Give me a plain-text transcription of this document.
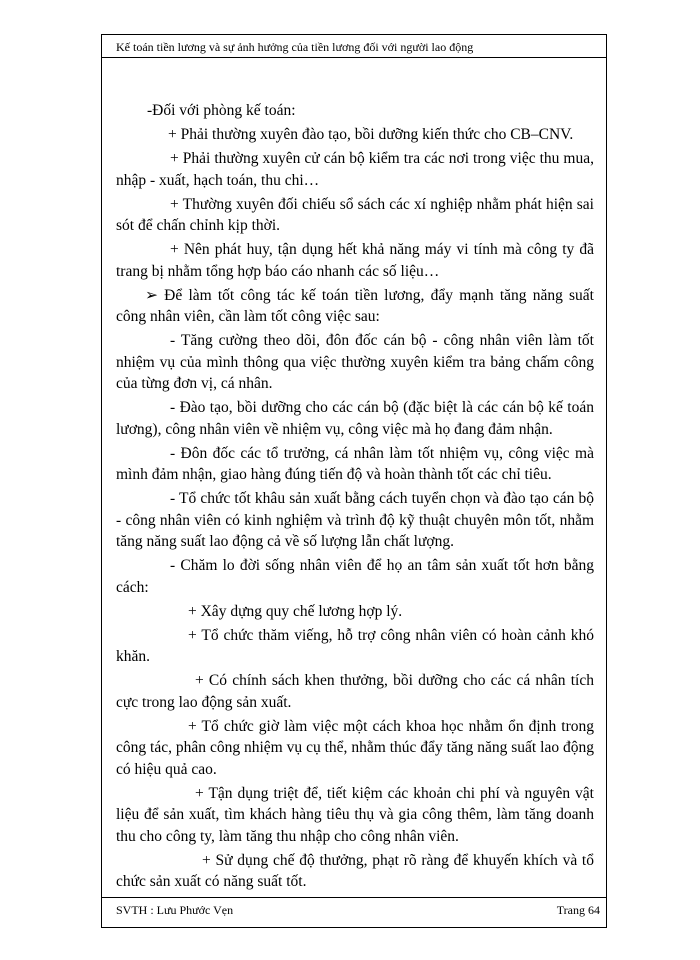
Kế toán tiền lương và sự ảnh hưởng của tiền lương đối với người lao động

-Đối với phòng kế toán:

+ Phải thường xuyên đào tạo, bồi dưỡng kiến thức cho CB–CNV.

+ Phải thường xuyên cử cán bộ kiểm tra các nơi trong việc thu mua, nhập - xuất, hạch toán, thu chi…

+ Thường xuyên đối chiếu sổ sách các xí nghiệp nhằm phát hiện sai sót để chấn chỉnh kịp thời.

+ Nên phát huy, tận dụng hết khả năng máy vi tính mà công ty đã trang bị nhằm tổng hợp báo cáo nhanh các số liệu…

➢ Để làm tốt công tác kế toán tiền lương, đẩy mạnh tăng năng suất công nhân viên, cần làm tốt công việc sau:

- Tăng cường theo dõi, đôn đốc cán bộ - công nhân viên làm tốt nhiệm vụ của mình thông qua việc thường xuyên kiểm tra bảng chấm công của từng đơn vị, cá nhân.

- Đào tạo, bồi dưỡng cho các cán bộ (đặc biệt là các cán bộ kế toán lương), công nhân viên về nhiệm vụ, công việc mà họ đang đảm nhận.

- Đôn đốc các tổ trưởng, cá nhân làm tốt nhiệm vụ, công việc mà mình đảm nhận, giao hàng đúng tiến độ và hoàn thành tốt các chỉ tiêu.

- Tổ chức tốt khâu sản xuất bằng cách tuyển chọn và đào tạo cán bộ - công nhân viên có kinh nghiệm và trình độ kỹ thuật chuyên môn tốt, nhằm tăng năng suất lao động cả về số lượng lẫn chất lượng.

- Chăm lo đời sống nhân viên để họ an tâm sản xuất tốt hơn bằng cách:

+ Xây dựng quy chế lương hợp lý.

+ Tổ chức thăm viếng, hỗ trợ công nhân viên có hoàn cảnh khó khăn.

+ Có chính sách khen thưởng, bồi dưỡng cho các cá nhân tích cực trong lao động sản xuất.

+ Tổ chức giờ làm việc một cách khoa học nhằm ổn định trong công tác, phân công nhiệm vụ cụ thể, nhằm thúc đẩy tăng năng suất lao động có hiệu quả cao.

+ Tận dụng triệt để, tiết kiệm các khoản chi phí và nguyên vật liệu để sản xuất, tìm khách hàng tiêu thụ và gia công thêm, làm tăng doanh thu cho công ty, làm tăng thu nhập cho công nhân viên.

+ Sử dụng chế độ thưởng, phạt rõ ràng để khuyến khích và tổ chức sản xuất có năng suất tốt.

SVTH : Lưu Phước Vẹn	Trang 64
